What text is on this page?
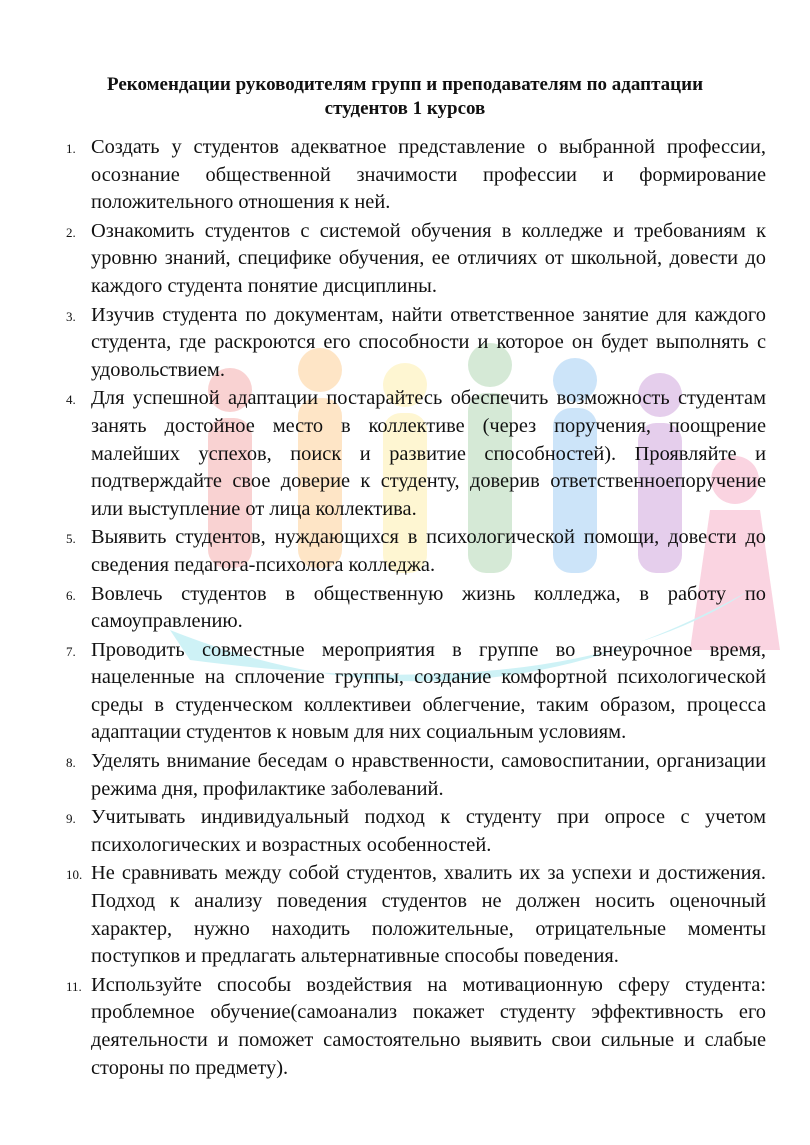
Рекомендации руководителям групп и преподавателям по адаптации
студентов 1 курсов
1. Создать у студентов адекватное представление о выбранной профессии, осознание общественной значимости профессии и формирование положительного отношения к ней.
2. Ознакомить студентов с системой обучения в колледже и требованиям к уровню знаний, специфике обучения, ее отличиях от школьной, довести до каждого студента понятие дисциплины.
3. Изучив студента по документам, найти ответственное занятие для каждого студента, где раскроются его способности и которое он будет выполнять с удовольствием.
4. Для успешной адаптации постарайтесь обеспечить возможность студентам занять достойное место в коллективе (через поручения, поощрение малейших успехов, поиск и развитие способностей). Проявляйте и подтверждайте свое доверие к студенту, доверив ответственноепоручение или выступление от лица коллектива.
5. Выявить студентов, нуждающихся в психологической помощи, довести до сведения педагога-психолога колледжа.
6. Вовлечь студентов в общественную жизнь колледжа, в работу по самоуправлению.
7. Проводить совместные мероприятия в группе во внеурочное время, нацеленные на сплочение группы, создание комфортной психологической среды в студенческом коллективеи облегчение, таким образом, процесса адаптации студентов к новым для них социальным условиям.
8. Уделять внимание беседам о нравственности, самовоспитании, организации режима дня, профилактике заболеваний.
9. Учитывать индивидуальный подход к студенту при опросе с учетом психологических и возрастных особенностей.
10. Не сравнивать между собой студентов, хвалить их за успехи и достижения. Подход к анализу поведения студентов не должен носить оценочный характер, нужно находить положительные, отрицательные моменты поступков и предлагать альтернативные способы поведения.
11. Используйте способы воздействия на мотивационную сферу студента: проблемное обучение(самоанализ покажет студенту эффективность его деятельности и поможет самостоятельно выявить свои сильные и слабые стороны по предмету).
